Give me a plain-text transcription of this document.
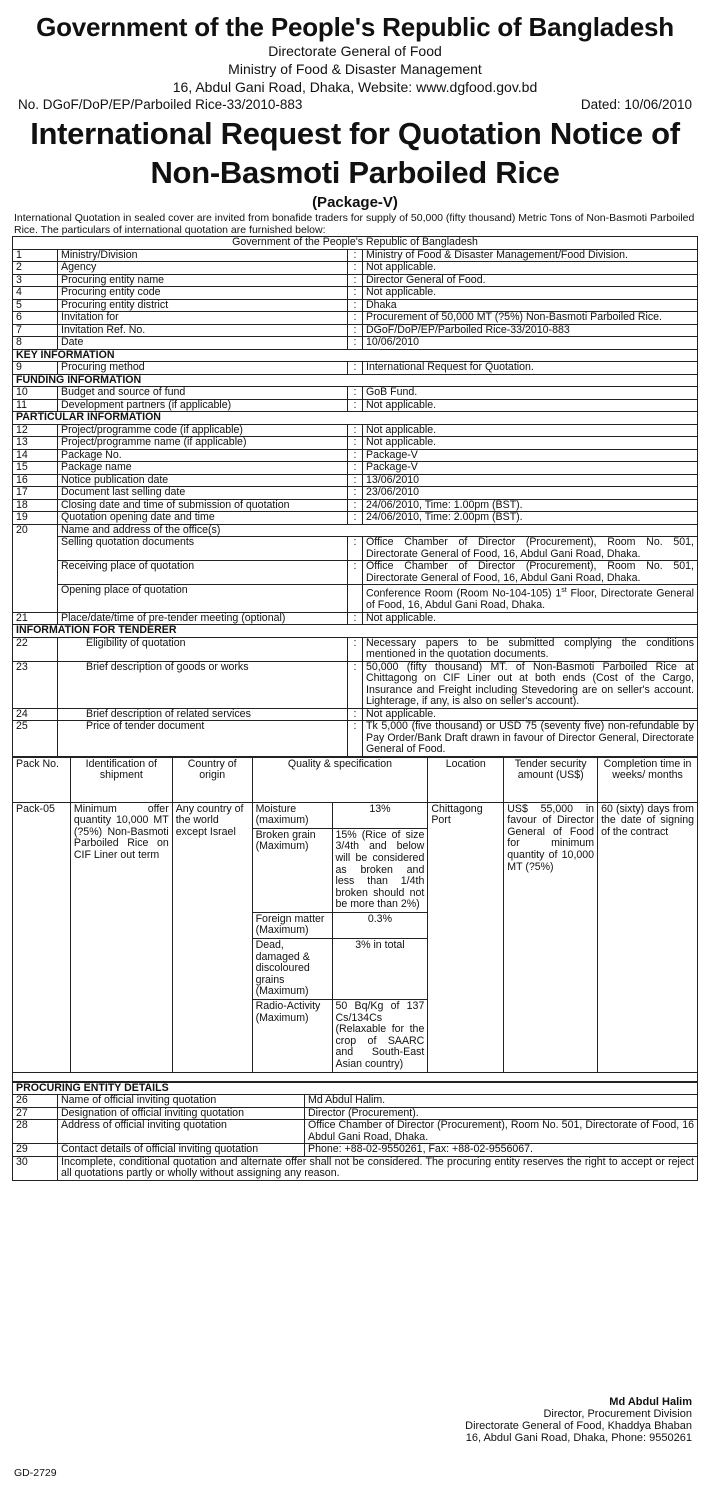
Government of the People's Republic of Bangladesh
Directorate General of Food
Ministry of Food & Disaster Management
16, Abdul Gani Road, Dhaka, Website: www.dgfood.gov.bd
No. DGoF/DoP/EP/Parboiled Rice-33/2010-883	Dated: 10/06/2010
International Request for Quotation Notice of
Non-Basmoti Parboiled Rice
(Package-V)
International Quotation in sealed cover are invited from bonafide traders for supply of 50,000 (fifty thousand) Metric Tons of Non-Basmoti Parboiled Rice. The particulars of international quotation are furnished below:
Government of the People's Republic of Bangladesh			
1	Ministry/Division	:	Ministry of Food & Disaster Management/Food Division.
2	Agency	:	Not applicable.
3	Procuring entity name	:	Director General of Food.
4	Procuring entity code	:	Not applicable.
5	Procuring entity district	:	Dhaka
6	Invitation for	:	Procurement of 50,000 MT (?5%) Non-Basmoti Parboiled Rice.
7	Invitation Ref. No.	:	DGoF/DoP/EP/Parboiled Rice-33/2010-883
8	Date	:	10/06/2010
KEY INFORMATION			
9	Procuring method	:	International Request for Quotation.
FUNDING INFORMATION			
10	Budget and source of fund	:	GoB Fund.
11	Development partners (if applicable)	:	Not applicable.
PARTICULAR INFORMATION			
12	Project/programme code (if applicable)	:	Not applicable.
13	Project/programme name (if applicable)	:	Not applicable.
14	Package No.	:	Package-V
15	Package name	:	Package-V
16	Notice publication date	:	13/06/2010
17	Document last selling date	:	23/06/2010
18	Closing date and time of submission of quotation	:	24/06/2010, Time: 1.00pm (BST).
19	Quotation opening date and time	:	24/06/2010, Time: 2.00pm (BST).
20	Name and address of the office(s)		
	Selling quotation documents	:	Office Chamber of Director (Procurement), Room No. 501, Directorate General of Food, 16, Abdul Gani Road, Dhaka.
	Receiving place of quotation	:	Office Chamber of Director (Procurement), Room No. 501, Directorate General of Food, 16, Abdul Gani Road, Dhaka.
	Opening place of quotation		Conference Room (Room No-104-105) 1st Floor, Directorate General of Food, 16, Abdul Gani Road, Dhaka.
21	Place/date/time of pre-tender meeting (optional)	:	Not applicable.
INFORMATION FOR TENDERER			
22	Eligibility of quotation	:	Necessary papers to be submitted complying the conditions mentioned in the quotation documents.
23	Brief description of goods or works	:	50,000 (fifty thousand) MT. of Non-Basmoti Parboiled Rice at Chittagong on CIF Liner out at both ends (Cost of the Cargo, Insurance and Freight including Stevedoring are on seller's account. Lighterage, if any, is also on seller's account).
24	Brief description of related services	:	Not applicable.
25	Price of tender document	:	Tk 5,000 (five thousand) or USD 75 (seventy five) non-refundable by Pay Order/Bank Draft drawn in favour of Director General, Directorate General of Food.
Pack No.	Identification of shipment	Country of origin	Quality & specification		Location	Tender security amount (US$)	Completion time in weeks/ months
Pack-05	Minimum offer quantity 10,000 MT (?5%) Non-Basmoti Parboiled Rice on CIF Liner out term	Any country of the world except Israel	Moisture (maximum)	13%	Chittagong Port	US$ 55,000 in favour of Director General of Food for minimum quantity of 10,000 MT (?5%)	60 (sixty) days from the date of signing of the contract
			Broken grain (Maximum)	15% (Rice of size 3/4th and below will be considered as broken and less than 1/4th broken should not be more than 2%)			
			Foreign matter (Maximum)	0.3%			
			Dead, damaged & discoloured grains (Maximum)	3% in total			
			Radio-Activity (Maximum)	50 Bq/Kg of 137 Cs/134Cs (Relaxable for the crop of SAARC and South-East Asian country)			

PROCURING ENTITY DETAILS		
26	Name of official inviting quotation	Md Abdul Halim.
27	Designation of official inviting quotation	Director (Procurement).
28	Address of official inviting quotation	Office Chamber of Director (Procurement), Room No. 501, Directorate of Food, 16 Abdul Gani Road, Dhaka.
29	Contact details of official inviting quotation	Phone: +88-02-9550261, Fax: +88-02-9556067.
30	Incomplete, conditional quotation and alternate offer shall not be considered. The procuring entity reserves the right to accept or reject all quotations partly or wholly without assigning any reason.	
Md Abdul Halim
Director, Procurement Division
Directorate General of Food, Khaddya Bhaban
16, Abdul Gani Road, Dhaka, Phone: 9550261
GD-2729
